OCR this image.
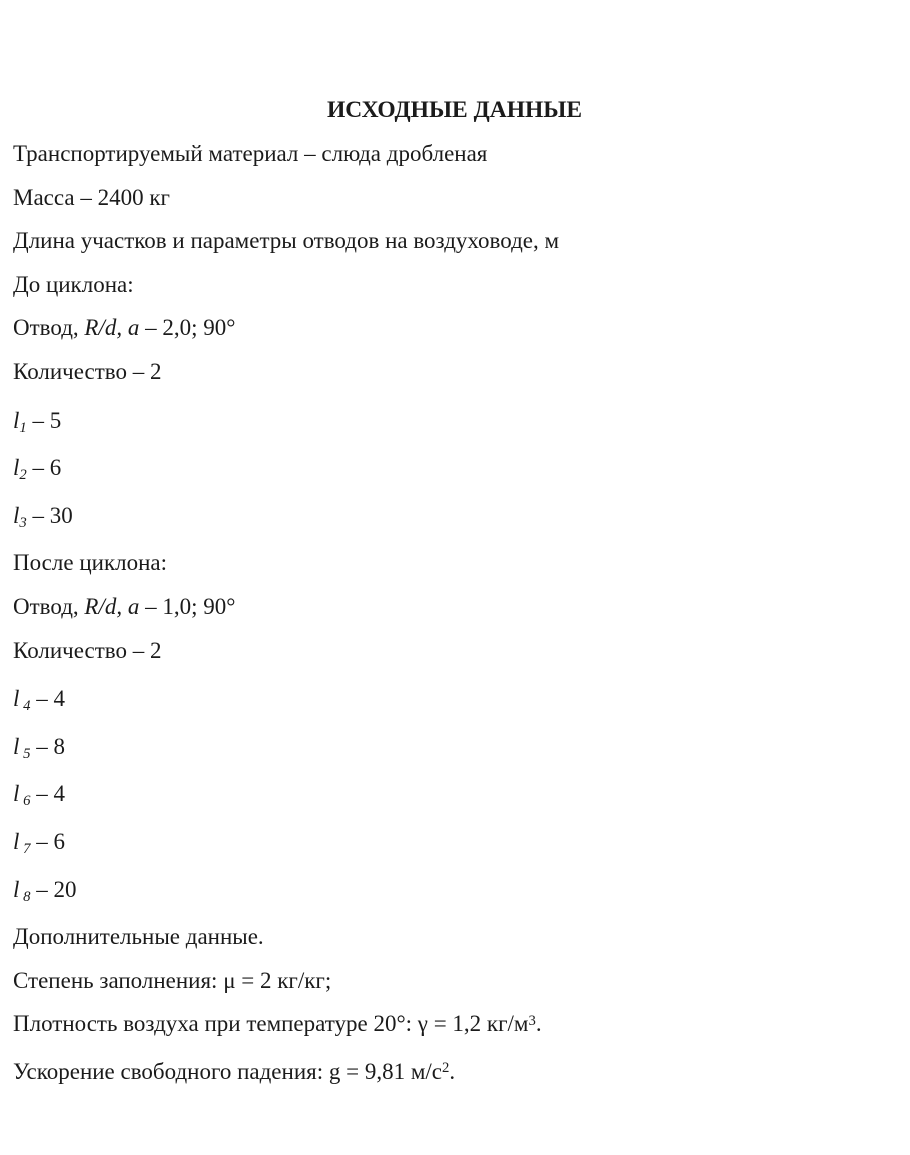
ИСХОДНЫЕ ДАННЫЕ

Транспортируемый материал – слюда дробленая

Масса – 2400 кг

Длина участков и параметры отводов на воздуховоде, м

До циклона:

Отвод, R/d, a – 2,0; 90°

Количество – 2

l1 – 5

l2 – 6

l3 – 30

После циклона:

Отвод, R/d, a – 1,0; 90°

Количество – 2

l 4 – 4

l 5 – 8

l 6 – 4

l 7 – 6

l 8 – 20

Дополнительные данные.

Степень заполнения: μ = 2 кг/кг;

Плотность воздуха при температуре 20°: γ = 1,2 $кг/м^3$.

Ускорение свободного падения: g = 9,81 $м/с^2$.
